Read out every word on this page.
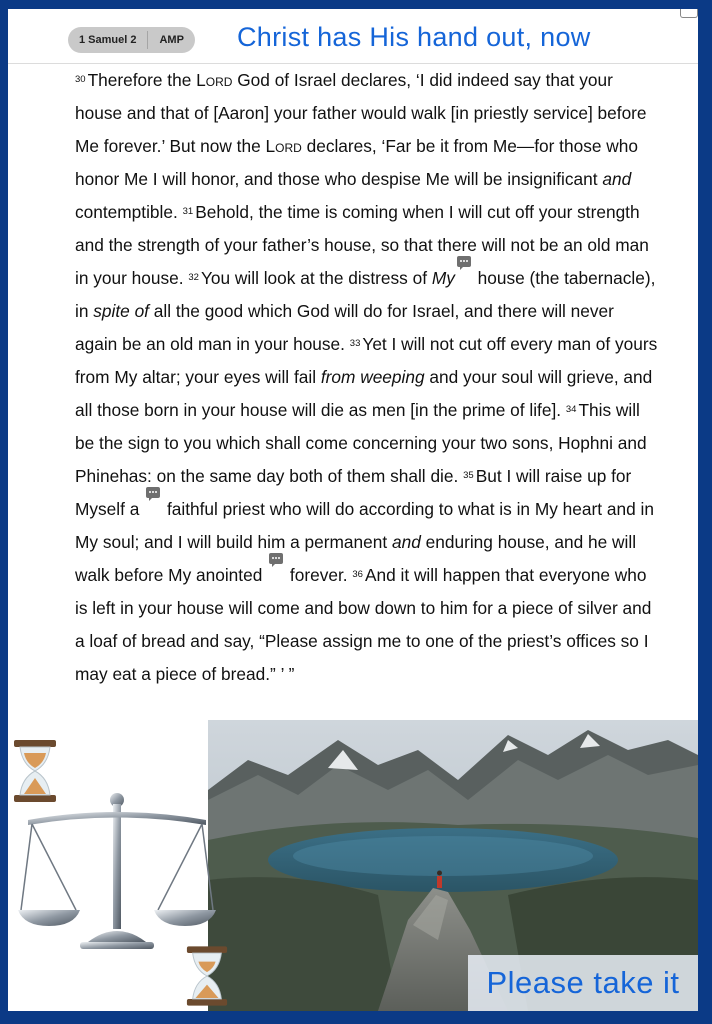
1 Samuel 2	AMP	Christ has His hand out, now

$^{30}$ Therefore the Lord God of Israel declares, ‘I did indeed say that your house and that of [Aaron] your father would walk [in priestly service] before Me forever.’ But now the Lord declares, ‘Far be it from Me—for those who honor Me I will honor, and those who despise Me will be insignificant and contemptible. $^{31}$ Behold, the time is coming when I will cut off your strength and the strength of your father’s house, so that there will not be an old man in your house. $^{32}$ You will look at the distress of My
house (the tabernacle), in spite of all the good which God will do for Israel, and there will never again be an old man in your house. $^{33}$ Yet I will not cut off every man of yours from My altar; your eyes will fail from weeping and your soul will grieve, and all those born in your house will die as men [in the prime of life]. $^{34}$ This will be the sign to you which shall come concerning your two sons, Hophni and Phinehas: on the same day both of them shall die. $^{35}$ But I will raise up for Myself a
faithful priest who will do according to what is in My heart and in My soul; and I will build him a permanent and enduring house, and he will walk before My anointed
forever. $^{36}$ And it will happen that everyone who is left in your house will come and bow down to him for a piece of silver and a loaf of bread and say, “Please assign me to one of the priest’s offices so I may eat a piece of bread.” ’ ”

Please take it
